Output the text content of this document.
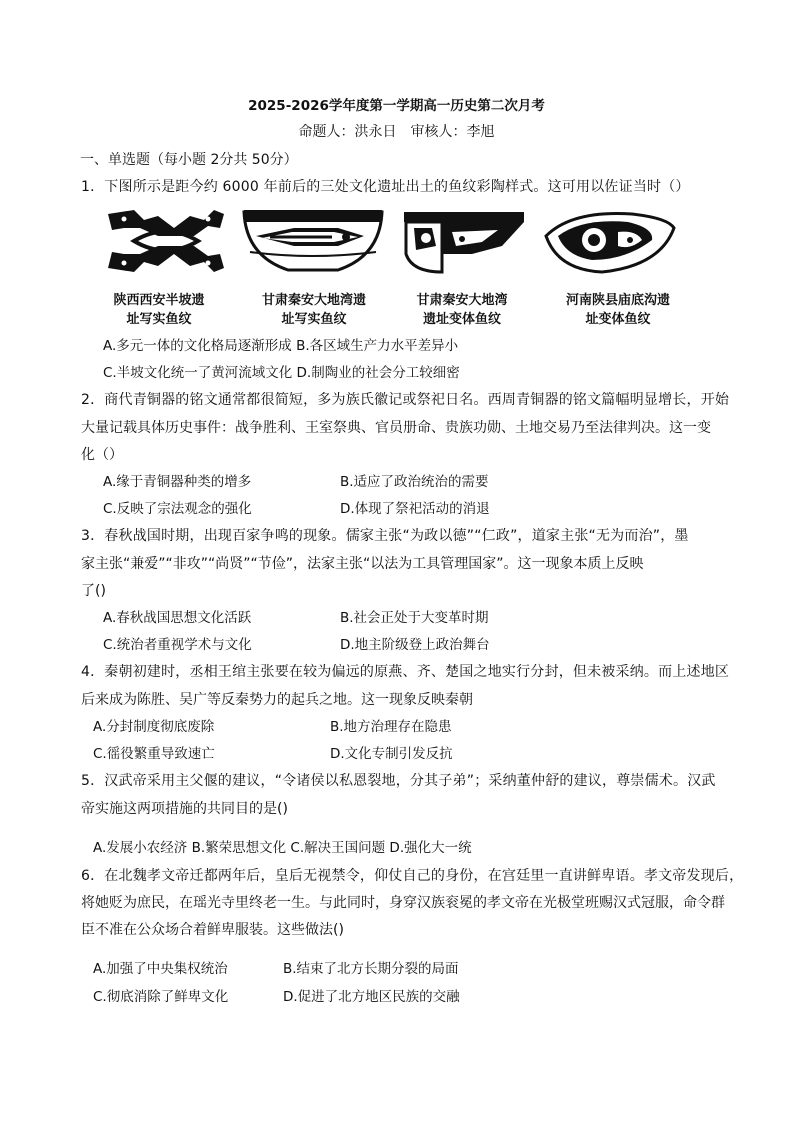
2025-2026学年度第一学期高一历史第二次月考
命题人：洪永日　审核人：李旭
一、单选题（每小题 2分共 50分）
1．下图所示是距今约 6000 年前后的三处文化遗址出土的鱼纹彩陶样式。这可用以佐证当时（）
陕西西安半坡遗
址写实鱼纹
甘肃秦安大地湾遗
址写实鱼纹
甘肃秦安大地湾
遗址变体鱼纹
河南陕县庙底沟遗
址变体鱼纹
A.多元一体的文化格局逐渐形成 B.各区域生产力水平差异小
C.半坡文化统一了黄河流域文化 D.制陶业的社会分工较细密
2．商代青铜器的铭文通常都很简短，多为族氏徽记或祭祀日名。西周青铜器的铭文篇幅明显增长，开始
大量记载具体历史事件：战争胜利、王室祭典、官员册命、贵族功勋、土地交易乃至法律判决。这一变
化（）
A.缘于青铜器种类的增多	B.适应了政治统治的需要
C.反映了宗法观念的强化	D.体现了祭祀活动的消退
3．春秋战国时期，出现百家争鸣的现象。儒家主张“为政以德”“仁政”，道家主张“无为而治”，墨
家主张“兼爱”“非攻”“尚贤”“节俭”，法家主张“以法为工具管理国家”。这一现象本质上反映
了()
A.春秋战国思想文化活跃	B.社会正处于大变革时期
C.统治者重视学术与文化	D.地主阶级登上政治舞台
4．秦朝初建时，丞相王绾主张要在较为偏远的原燕、齐、楚国之地实行分封，但未被采纳。而上述地区
后来成为陈胜、吴广等反秦势力的起兵之地。这一现象反映秦朝
A.分封制度彻底废除	B.地方治理存在隐患
C.徭役繁重导致速亡	D.文化专制引发反抗
5．汉武帝采用主父偃的建议，“令诸侯以私恩裂地，分其子弟”；采纳董仲舒的建议，尊崇儒术。汉武
帝实施这两项措施的共同目的是()
A.发展小农经济 B.繁荣思想文化 C.解决王国问题 D.强化大一统
6．在北魏孝文帝迁都两年后，皇后无视禁令，仰仗自己的身份，在宫廷里一直讲鲜卑语。孝文帝发现后，
将她贬为庶民，在瑶光寺里终老一生。与此同时，身穿汉族衮冕的孝文帝在光极堂班赐汉式冠服，命令群
臣不准在公众场合着鲜卑服装。这些做法()
A.加强了中央集权统治	B.结束了北方长期分裂的局面
C.彻底消除了鲜卑文化	D.促进了北方地区民族的交融
